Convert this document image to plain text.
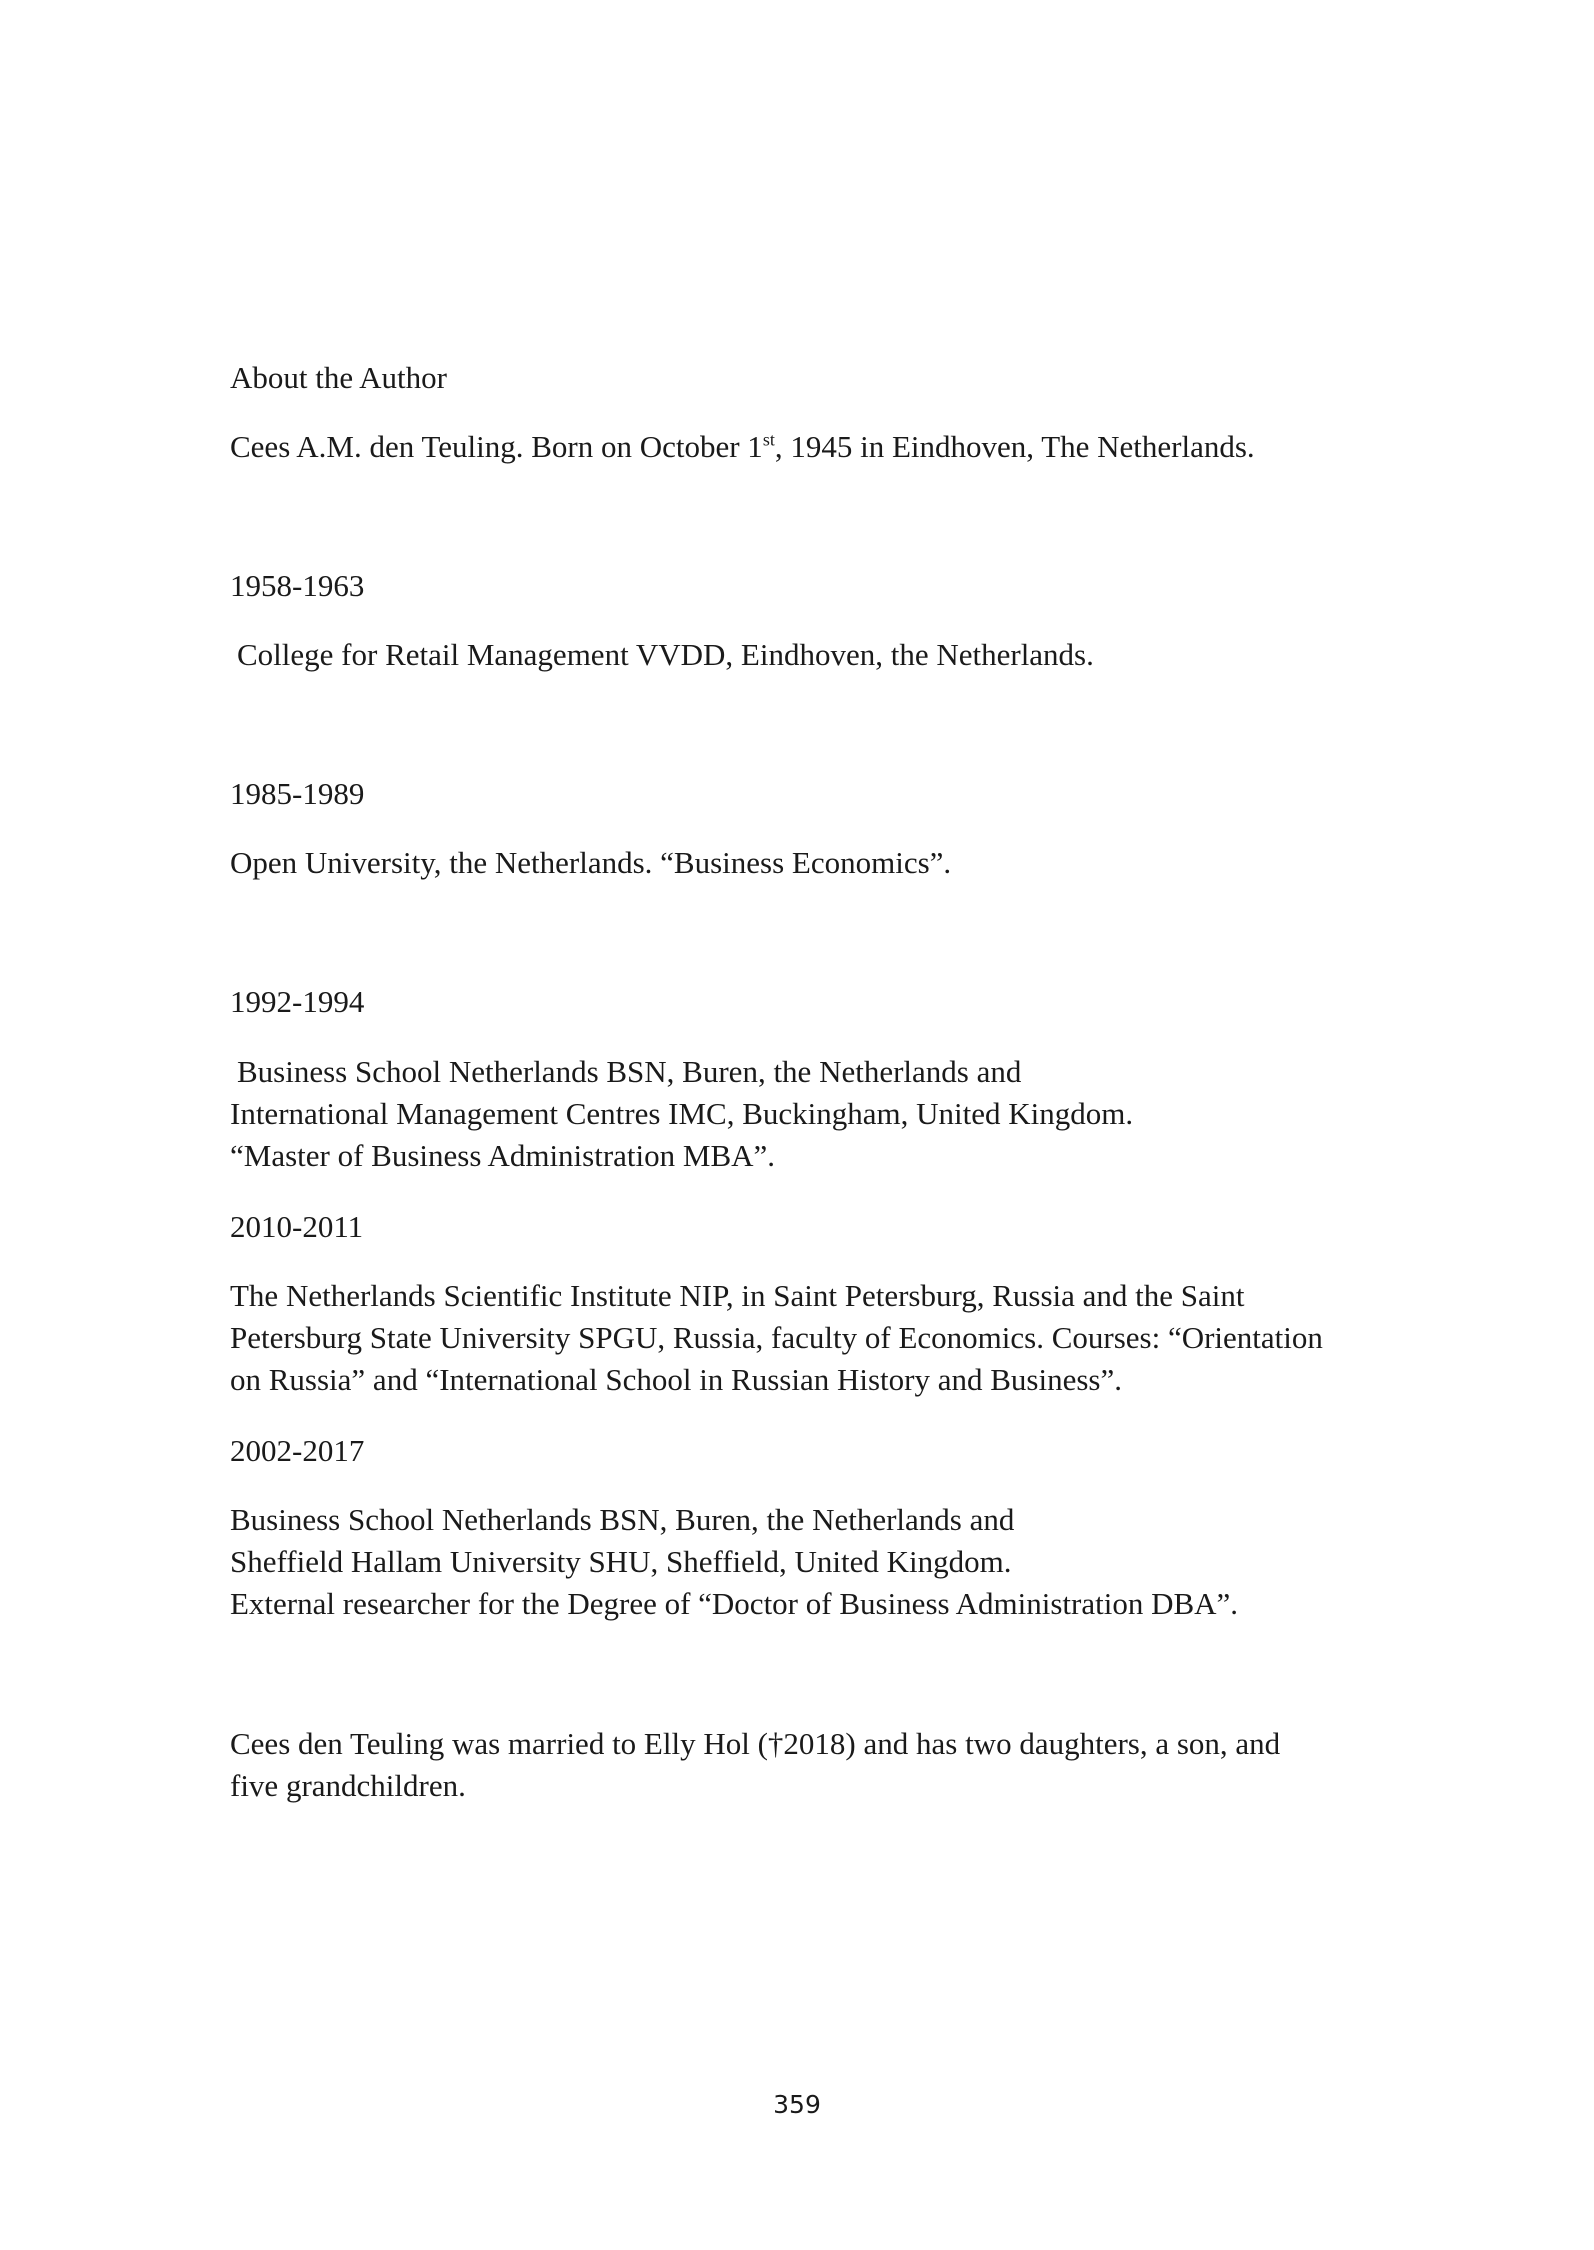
About the Author

Cees A.M. den Teuling. Born on October 1st, 1945 in Eindhoven, The Netherlands.

1958-1963

College for Retail Management VVDD, Eindhoven, the Netherlands.

1985-1989

Open University, the Netherlands. “Business Economics”.

1992-1994

Business School Netherlands BSN, Buren, the Netherlands and
International Management Centres IMC, Buckingham, United Kingdom.
“Master of Business Administration MBA”.

2010-2011

The Netherlands Scientific Institute NIP, in Saint Petersburg, Russia and the Saint
Petersburg State University SPGU, Russia, faculty of Economics. Courses: “Orientation
on Russia” and “International School in Russian History and Business”.

2002-2017

Business School Netherlands BSN, Buren, the Netherlands and
Sheffield Hallam University SHU, Sheffield, United Kingdom.
External researcher for the Degree of “Doctor of Business Administration DBA”.
Cees den Teuling was married to Elly Hol (†2018) and has two daughters, a son, and
five grandchildren.
359
